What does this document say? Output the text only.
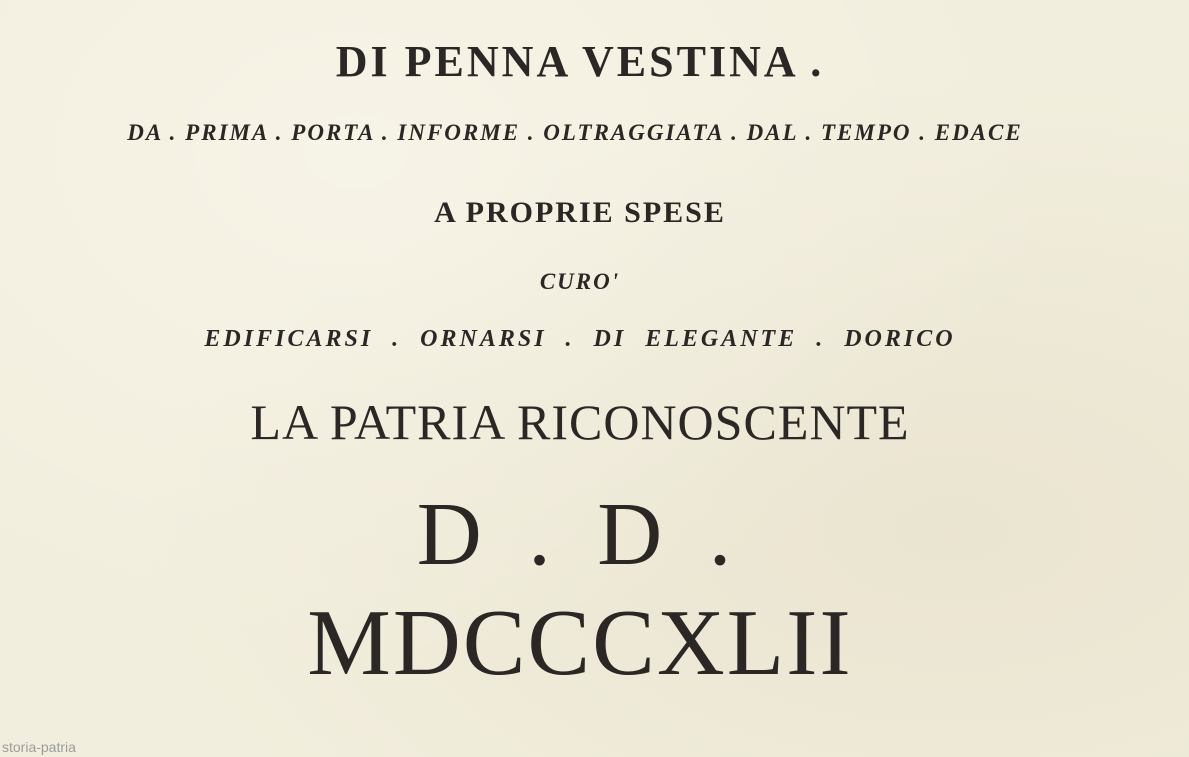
DI PENNA VESTINA .
DA . PRIMA . PORTA . INFORME . OLTRAGGIATA . DAL . TEMPO . EDACE
A PROPRIE SPESE
CURO'
EDIFICARSI . ORNARSI . DI ELEGANTE . DORICO
LA PATRIA RICONOSCENTE
D . D .
MDCCCXLII
storia-patria
